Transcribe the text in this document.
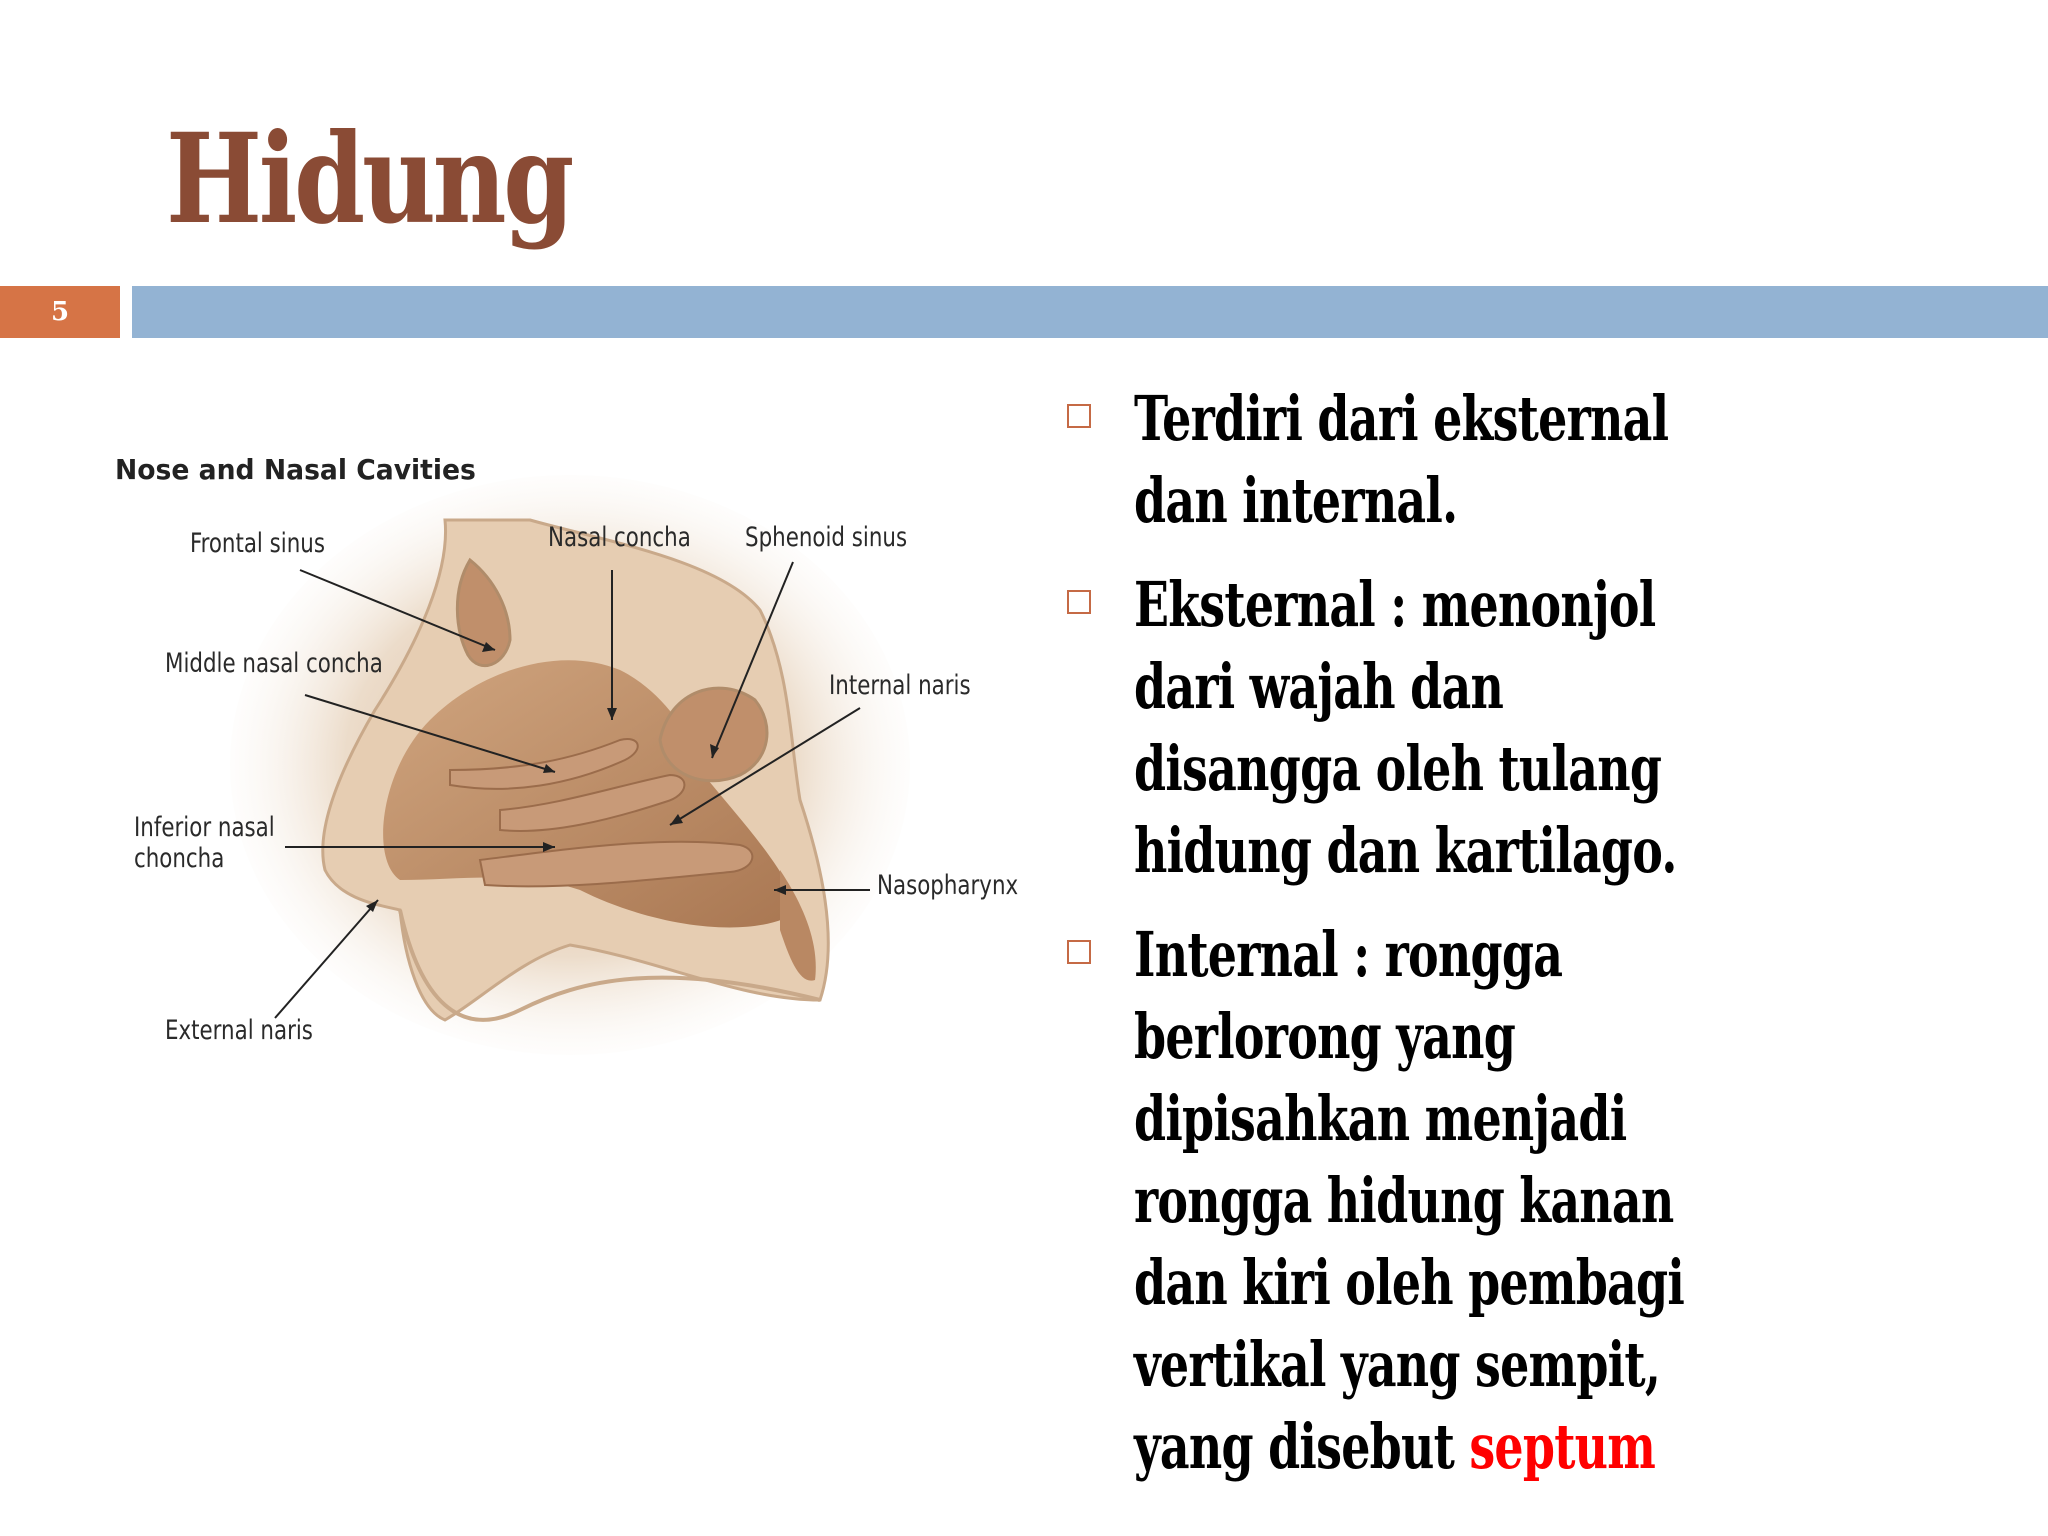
Hidung
5
Nose and Nasal Cavities
Frontal sinus	Nasal concha Sphenoid sinus
Middle nasal concha
Internal naris
Inferior nasal
choncha
Nasopharynx
External naris
Terdiri dari eksternal dan internal.
Eksternal : menonjol dari wajah dan disangga oleh tulang hidung dan kartilago.
Internal : rongga berlorong yang dipisahkan menjadi rongga hidung kanan dan kiri oleh pembagi vertikal yang sempit, yang disebut septum
